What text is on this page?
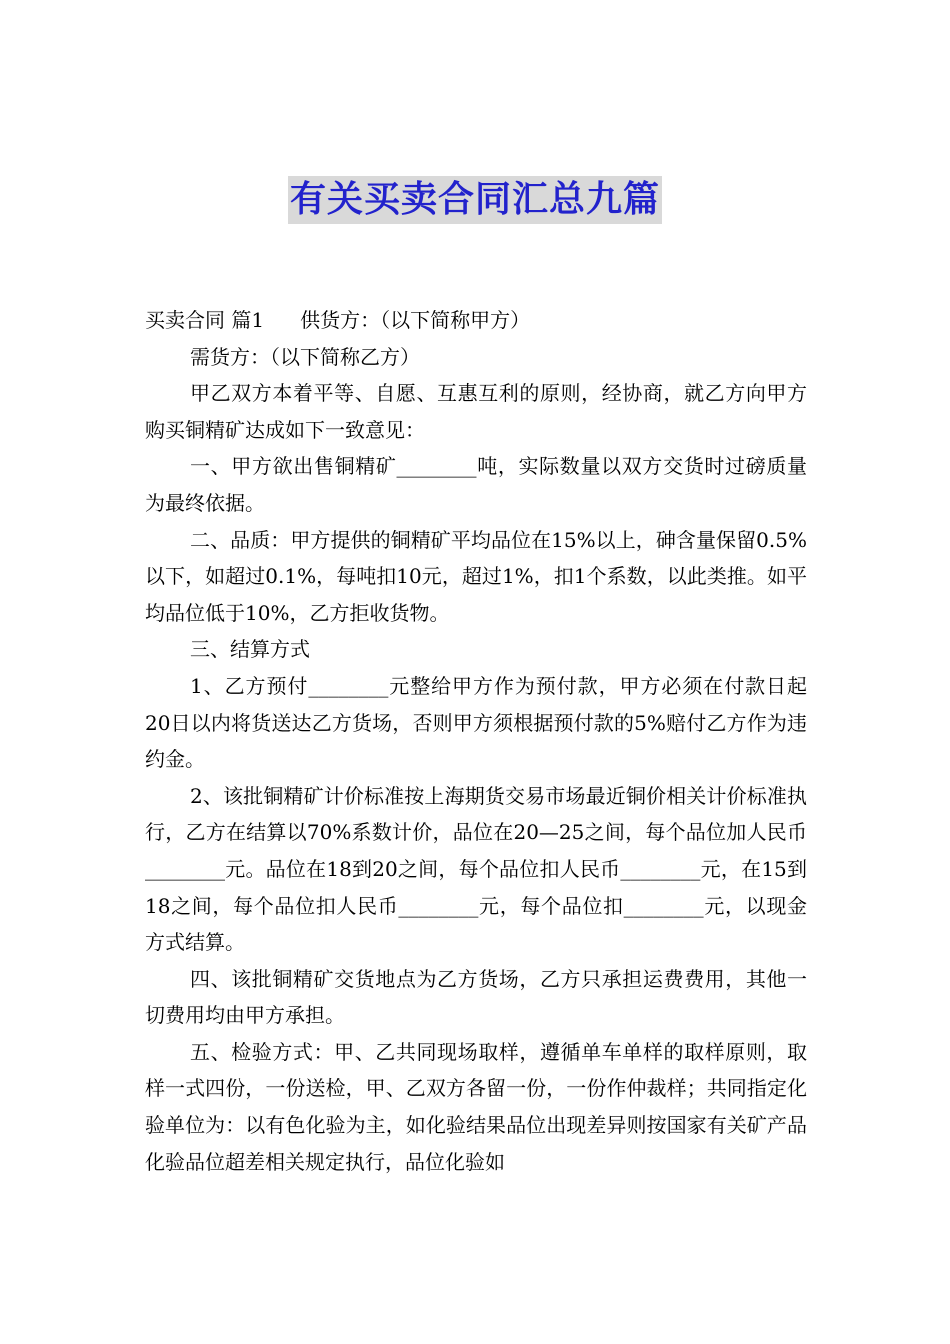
有关买卖合同汇总九篇

买卖合同 篇1 供货方：（以下简称甲方）

需货方：（以下简称乙方）

甲乙双方本着平等、自愿、互惠互利的原则，经协商，就乙方向甲方购买铜精矿达成如下一致意见：

一、甲方欲出售铜精矿________吨，实际数量以双方交货时过磅质量为最终依据。

二、品质：甲方提供的铜精矿平均品位在15%以上，砷含量保留0.5%以下，如超过0.1%，每吨扣10元，超过1%，扣1个系数，以此类推。如平均品位低于10%，乙方拒收货物。

三、结算方式

1、乙方预付________元整给甲方作为预付款，甲方必须在付款日起20日以内将货送达乙方货场，否则甲方须根据预付款的5%赔付乙方作为违约金。

2、该批铜精矿计价标准按上海期货交易市场最近铜价相关计价标准执行，乙方在结算以70%系数计价，品位在20—25之间，每个品位加人民币________元。品位在18到20之间，每个品位扣人民币________元，在15到18之间，每个品位扣人民币________元，每个品位扣________元，以现金方式结算。

四、该批铜精矿交货地点为乙方货场，乙方只承担运费费用，其他一切费用均由甲方承担。

五、检验方式：甲、乙共同现场取样，遵循单车单样的取样原则，取样一式四份，一份送检，甲、乙双方各留一份，一份作仲裁样；共同指定化验单位为：以有色化验为主，如化验结果品位出现差异则按国家有关矿产品化验品位超差相关规定执行，品位化验如
